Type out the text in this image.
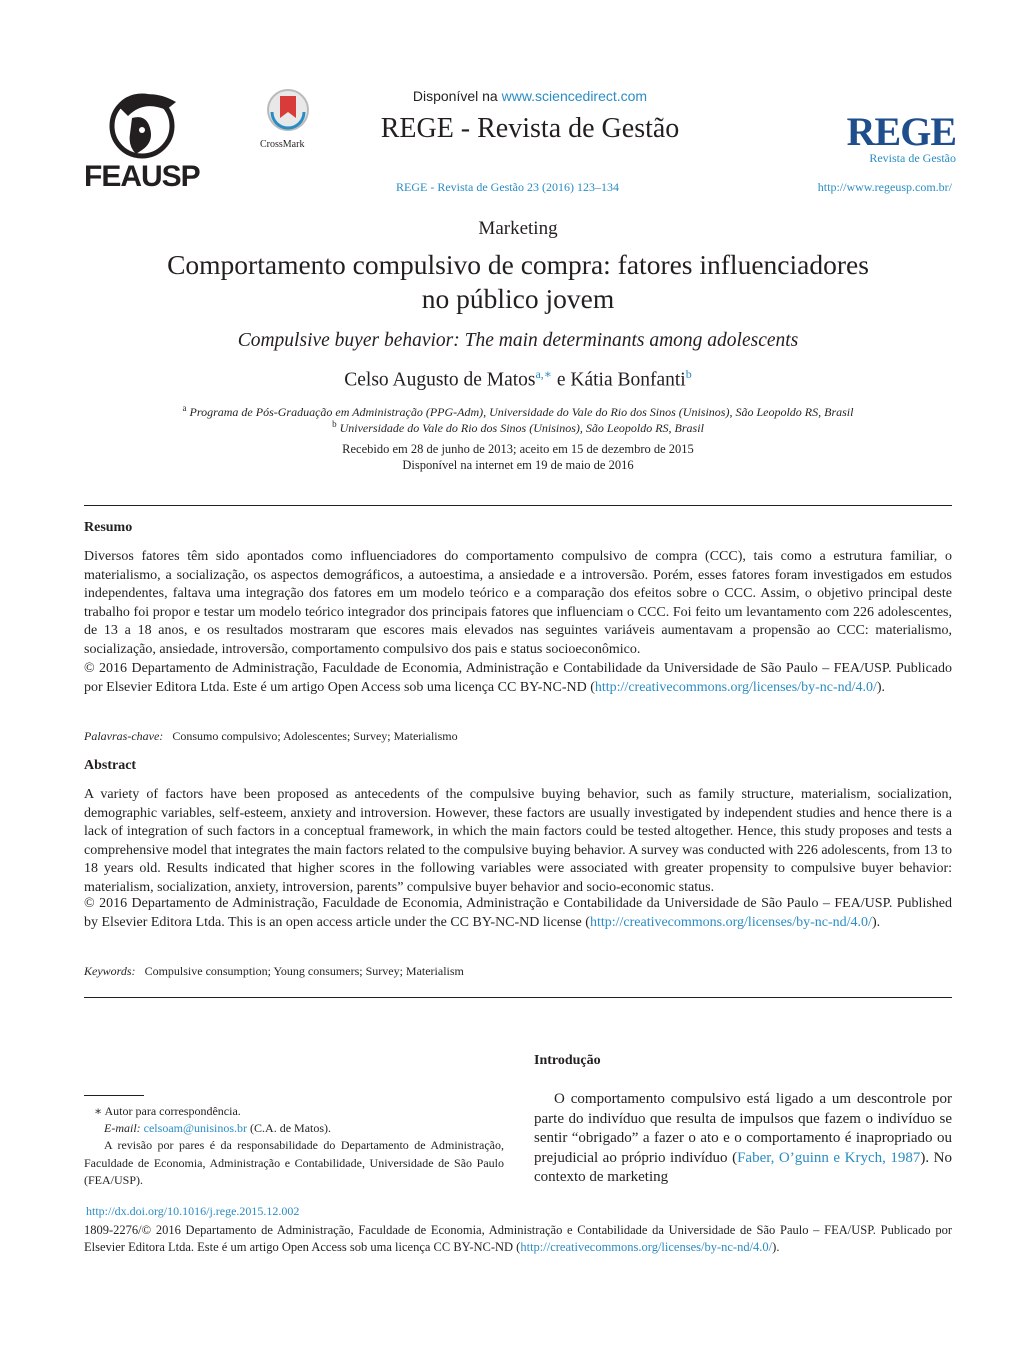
FEAUSP
CrossMark
Disponível na www.sciencedirect.com
REGE - Revista de Gestão	REGE
Revista de Gestão
REGE - Revista de Gestão 23 (2016) 123–134	http://www.regeusp.com.br/
Marketing
Comportamento compulsivo de compra: fatores influenciadores
no público jovem
Compulsive buyer behavior: The main determinants among adolescents
Celso Augusto de Matos$^{a,∗}$ e Kátia Bonfanti$^b$
$^a$ Programa de Pós-Graduação em Administração (PPG-Adm), Universidade do Vale do Rio dos Sinos (Unisinos), São Leopoldo RS, Brasil
$^b$ Universidade do Vale do Rio dos Sinos (Unisinos), São Leopoldo RS, Brasil
Recebido em 28 de junho de 2013; aceito em 15 de dezembro de 2015
Disponível na internet em 19 de maio de 2016
Resumo
Diversos fatores têm sido apontados como influenciadores do comportamento compulsivo de compra (CCC), tais como a estrutura familiar, o materialismo, a socialização, os aspectos demográficos, a autoestima, a ansiedade e a introversão. Porém, esses fatores foram investigados em estudos independentes, faltava uma integração dos fatores em um modelo teórico e a comparação dos efeitos sobre o CCC. Assim, o objetivo principal deste trabalho foi propor e testar um modelo teórico integrador dos principais fatores que influenciam o CCC. Foi feito um levantamento com 226 adolescentes, de 13 a 18 anos, e os resultados mostraram que escores mais elevados nas seguintes variáveis aumentavam a propensão ao CCC: materialismo, socialização, ansiedade, introversão, comportamento compulsivo dos pais e status socioeconômico.
© 2016 Departamento de Administração, Faculdade de Economia, Administração e Contabilidade da Universidade de São Paulo – FEA/USP. Publicado por Elsevier Editora Ltda. Este é um artigo Open Access sob uma licença CC BY-NC-ND (http://creativecommons.org/licenses/by-nc-nd/4.0/).
Palavras-chave: Consumo compulsivo; Adolescentes; Survey; Materialismo
Abstract
A variety of factors have been proposed as antecedents of the compulsive buying behavior, such as family structure, materialism, socialization, demographic variables, self-esteem, anxiety and introversion. However, these factors are usually investigated by independent studies and hence there is a lack of integration of such factors in a conceptual framework, in which the main factors could be tested altogether. Hence, this study proposes and tests a comprehensive model that integrates the main factors related to the compulsive buying behavior. A survey was conducted with 226 adolescents, from 13 to 18 years old. Results indicated that higher scores in the following variables were associated with greater propensity to compulsive buyer behavior: materialism, socialization, anxiety, introversion, parents” compulsive buyer behavior and socio-economic status.
© 2016 Departamento de Administração, Faculdade de Economia, Administração e Contabilidade da Universidade de São Paulo – FEA/USP. Published by Elsevier Editora Ltda. This is an open access article under the CC BY-NC-ND license (http://creativecommons.org/licenses/by-nc-nd/4.0/).
Keywords: Compulsive consumption; Young consumers; Survey; Materialism
Introdução
O comportamento compulsivo está ligado a um descontrole por parte do indivíduo que resulta de impulsos que fazem o indivíduo se sentir “obrigado” a fazer o ato e o comportamento é inapropriado ou prejudicial ao próprio indivíduo (Faber, O’guinn e Krych, 1987). No contexto de marketing
∗ Autor para correspondência.
E-mail: celsoam@unisinos.br (C.A. de Matos).
A revisão por pares é da responsabilidade do Departamento de Administração, Faculdade de Economia, Administração e Contabilidade, Universidade de São Paulo (FEA/USP).
http://dx.doi.org/10.1016/j.rege.2015.12.002
1809-2276/© 2016 Departamento de Administração, Faculdade de Economia, Administração e Contabilidade da Universidade de São Paulo – FEA/USP. Publicado por Elsevier Editora Ltda. Este é um artigo Open Access sob uma licença CC BY-NC-ND (http://creativecommons.org/licenses/by-nc-nd/4.0/).
